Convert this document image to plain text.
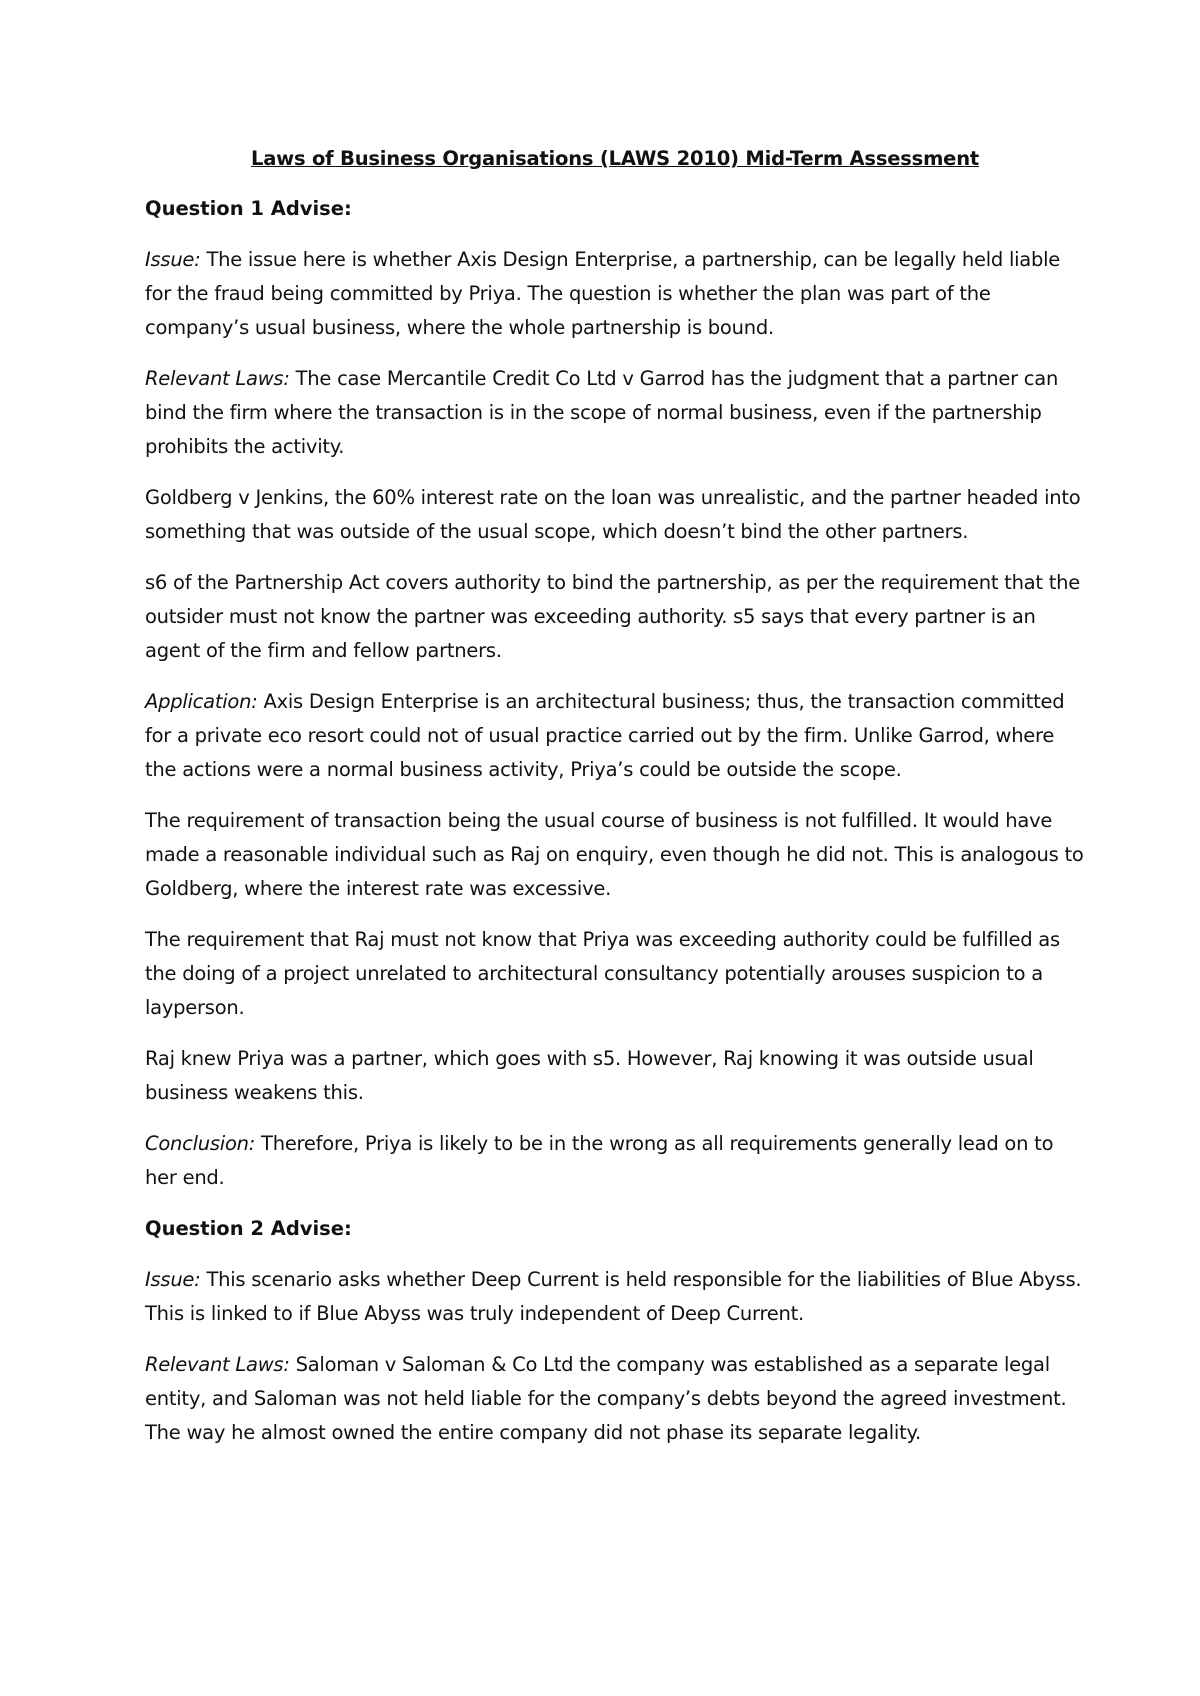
Laws of Business Organisations (LAWS 2010) Mid-Term Assessment
Question 1 Advise:

Issue: The issue here is whether Axis Design Enterprise, a partnership, can be legally held liable for the fraud being committed by Priya. The question is whether the plan was part of the company’s usual business, where the whole partnership is bound.

Relevant Laws: The case Mercantile Credit Co Ltd v Garrod has the judgment that a partner can bind the firm where the transaction is in the scope of normal business, even if the partnership prohibits the activity.

Goldberg v Jenkins, the 60% interest rate on the loan was unrealistic, and the partner headed into something that was outside of the usual scope, which doesn’t bind the other partners.

s6 of the Partnership Act covers authority to bind the partnership, as per the requirement that the outsider must not know the partner was exceeding authority. s5 says that every partner is an agent of the firm and fellow partners.

Application: Axis Design Enterprise is an architectural business; thus, the transaction committed for a private eco resort could not of usual practice carried out by the firm. Unlike Garrod, where the actions were a normal business activity, Priya’s could be outside the scope.

The requirement of transaction being the usual course of business is not fulfilled. It would have made a reasonable individual such as Raj on enquiry, even though he did not. This is analogous to Goldberg, where the interest rate was excessive.

The requirement that Raj must not know that Priya was exceeding authority could be fulfilled as the doing of a project unrelated to architectural consultancy potentially arouses suspicion to a layperson.

Raj knew Priya was a partner, which goes with s5. However, Raj knowing it was outside usual business weakens this.

Conclusion: Therefore, Priya is likely to be in the wrong as all requirements generally lead on to her end.

Question 2 Advise:

Issue: This scenario asks whether Deep Current is held responsible for the liabilities of Blue Abyss. This is linked to if Blue Abyss was truly independent of Deep Current.

Relevant Laws: Saloman v Saloman & Co Ltd the company was established as a separate legal entity, and Saloman was not held liable for the company’s debts beyond the agreed investment. The way he almost owned the entire company did not phase its separate legality.
